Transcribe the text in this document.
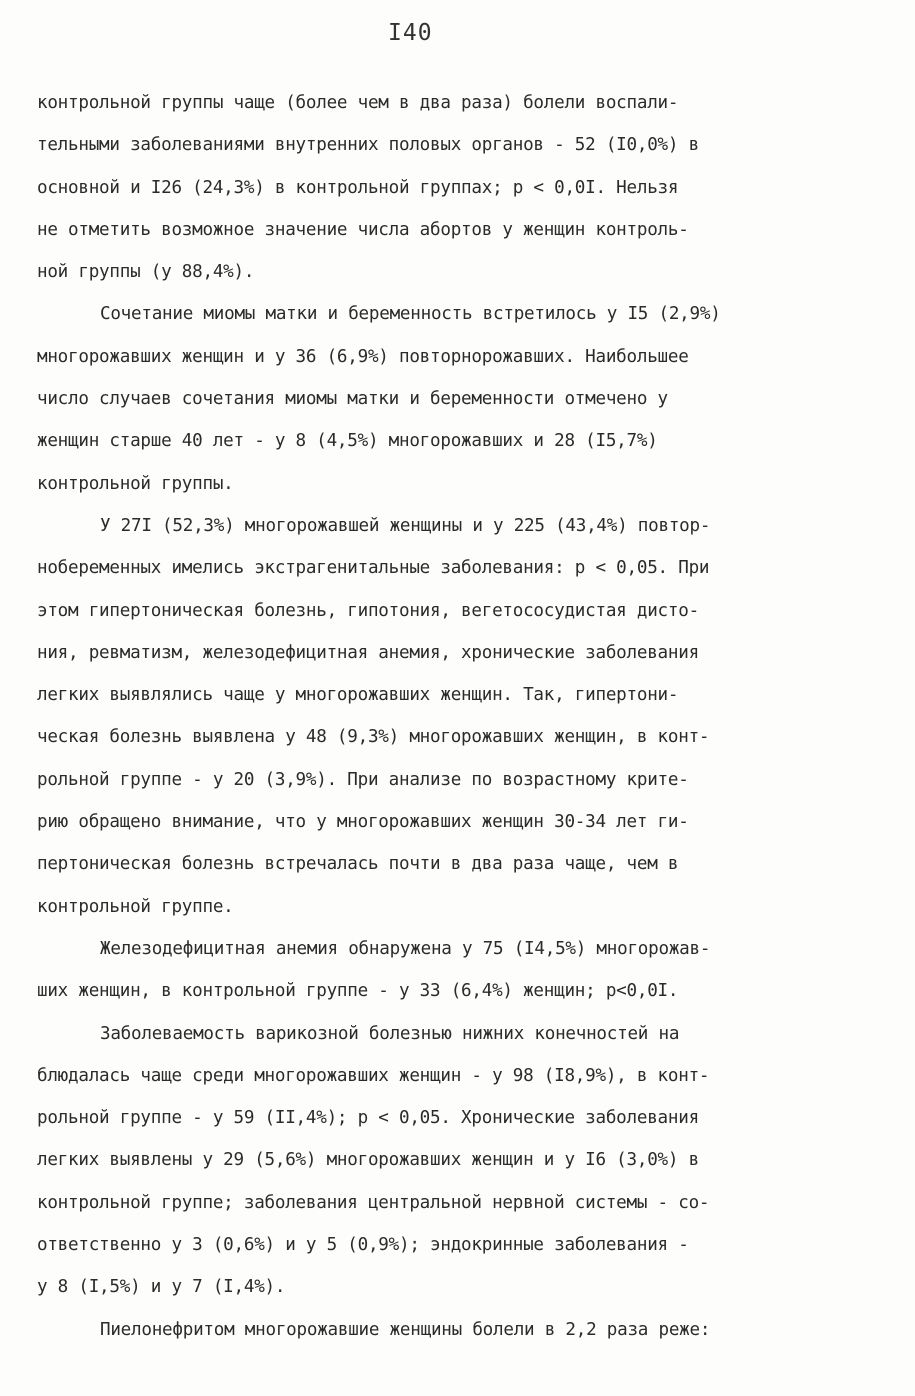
I40
контрольной группы чаще (более чем в два раза) болели воспали-
тельными заболеваниями внутренних половых органов - 52 (I0,0%) в
основной и I26 (24,3%) в контрольной группах; р < 0,0I. Нельзя
не отметить возможное значение числа абортов у женщин контроль-
ной группы (у 88,4%).
Сочетание миомы матки и беременность встретилось у I5 (2,9%)
многорожавших женщин и у 36 (6,9%) повторнорожавших. Наибольшее
число случаев сочетания миомы матки и беременности отмечено у
женщин старше 40 лет - у 8 (4,5%) многорожавших и 28 (I5,7%)
контрольной группы.
У 27I (52,3%) многорожавшей женщины и у 225 (43,4%) повтор-
нобеременных имелись экстрагенитальные заболевания: р < 0,05. При
этом гипертоническая болезнь, гипотония, вегетососудистая дисто-
ния, ревматизм, железодефицитная анемия, хронические заболевания
легких выявлялись чаще у многорожавших женщин. Так, гипертони-
ческая болезнь выявлена у 48 (9,3%) многорожавших женщин, в конт-
рольной группе - у 20 (3,9%). При анализе по возрастному крите-
рию обращено внимание, что у многорожавших женщин 30-34 лет ги-
пертоническая болезнь встречалась почти в два раза чаще, чем в
контрольной группе.
Железодефицитная анемия обнаружена у 75 (I4,5%) многорожав-
ших женщин, в контрольной группе - у 33 (6,4%) женщин; р<0,0I.
Заболеваемость варикозной болезнью нижних конечностей на
блюдалась чаще среди многорожавших женщин - у 98 (I8,9%), в конт-
рольной группе - у 59 (II,4%); р < 0,05. Хронические заболевания
легких выявлены у 29 (5,6%) многорожавших женщин и у I6 (3,0%) в
контрольной группе; заболевания центральной нервной системы - со-
ответственно у 3 (0,6%) и у 5 (0,9%); эндокринные заболевания -
у 8 (I,5%) и у 7 (I,4%).
Пиелонефритом многорожавшие женщины болели в 2,2 раза реже:
